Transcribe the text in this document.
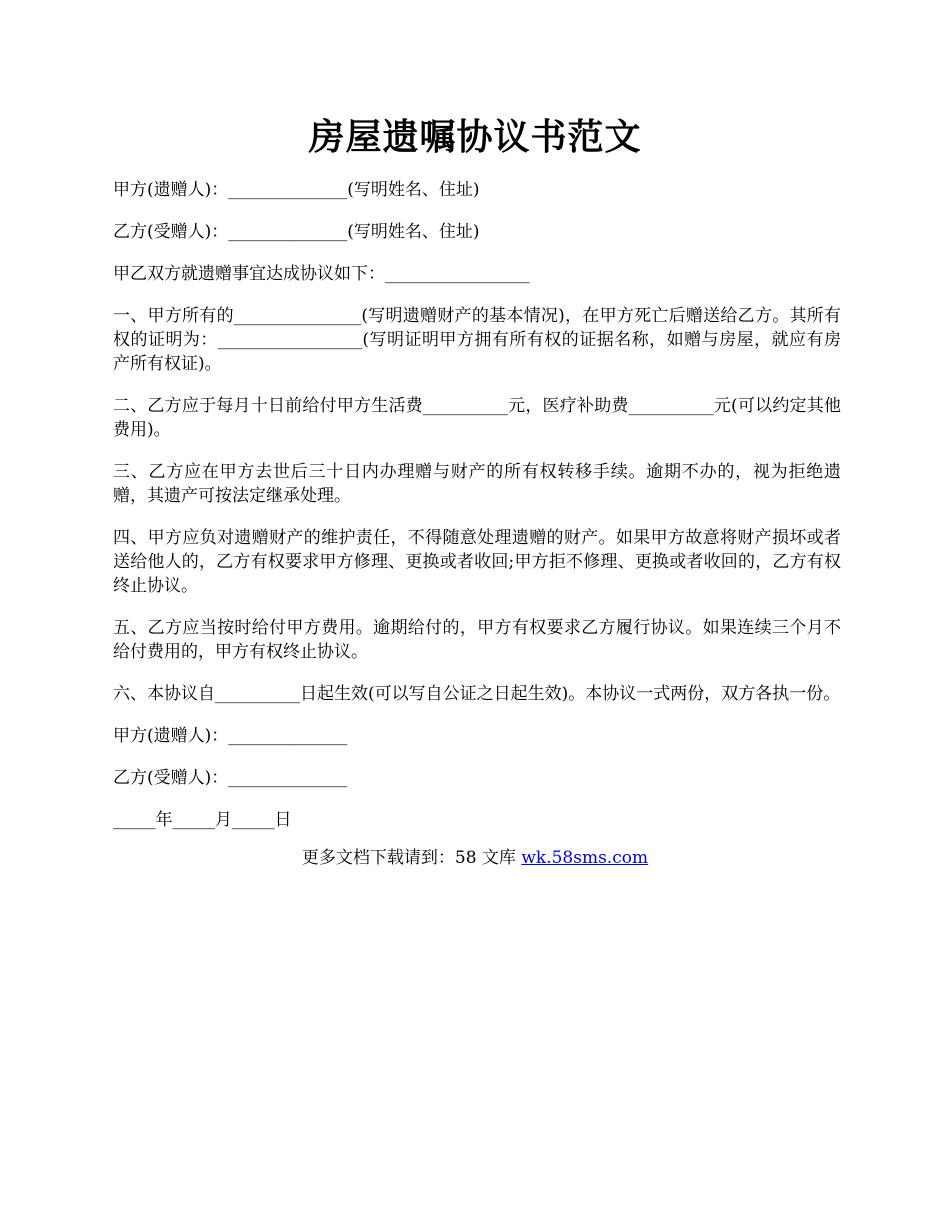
房屋遗嘱协议书范文

甲方(遗赠人)：______________(写明姓名、住址)

乙方(受赠人)：______________(写明姓名、住址)

甲乙双方就遗赠事宜达成协议如下：_________________

一、甲方所有的_______________(写明遗赠财产的基本情况)，在甲方死亡后赠送给乙方。其所有权的证明为：_________________(写明证明甲方拥有所有权的证据名称，如赠与房屋，就应有房产所有权证)。

二、乙方应于每月十日前给付甲方生活费__________元，医疗补助费__________元(可以约定其他费用)。

三、乙方应在甲方去世后三十日内办理赠与财产的所有权转移手续。逾期不办的，视为拒绝遗赠，其遗产可按法定继承处理。

四、甲方应负对遗赠财产的维护责任，不得随意处理遗赠的财产。如果甲方故意将财产损坏或者送给他人的，乙方有权要求甲方修理、更换或者收回;甲方拒不修理、更换或者收回的，乙方有权终止协议。

五、乙方应当按时给付甲方费用。逾期给付的，甲方有权要求乙方履行协议。如果连续三个月不给付费用的，甲方有权终止协议。

六、本协议自__________日起生效(可以写自公证之日起生效)。本协议一式两份，双方各执一份。

甲方(遗赠人)：______________

乙方(受赠人)：______________

_____年_____月_____日

更多文档下载请到：58 文库 wk.58sms.com
